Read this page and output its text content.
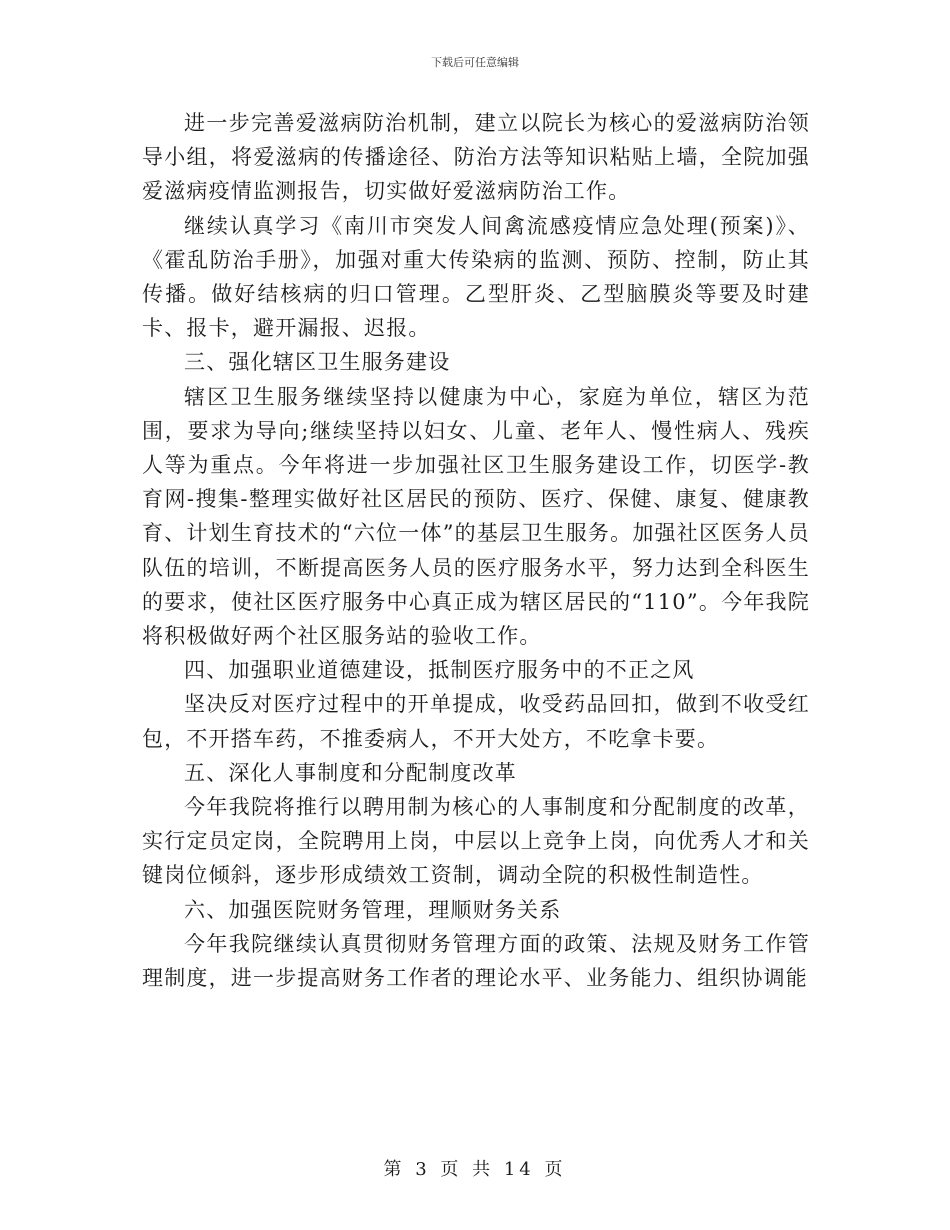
下载后可任意编辑

进一步完善爱滋病防治机制，建立以院长为核心的爱滋病防治领导小组，将爱滋病的传播途径、防治方法等知识粘贴上墙，全院加强爱滋病疫情监测报告，切实做好爱滋病防治工作。

继续认真学习《南川市突发人间禽流感疫情应急处理(预案)》、《霍乱防治手册》，加强对重大传染病的监测、预防、控制，防止其传播。做好结核病的归口管理。乙型肝炎、乙型脑膜炎等要及时建卡、报卡，避开漏报、迟报。

三、强化辖区卫生服务建设

辖区卫生服务继续坚持以健康为中心，家庭为单位，辖区为范围，要求为导向;继续坚持以妇女、儿童、老年人、慢性病人、残疾人等为重点。今年将进一步加强社区卫生服务建设工作，切医学-教育网-搜集-整理实做好社区居民的预防、医疗、保健、康复、健康教育、计划生育技术的“六位一体”的基层卫生服务。加强社区医务人员队伍的培训，不断提高医务人员的医疗服务水平，努力达到全科医生的要求，使社区医疗服务中心真正成为辖区居民的“110”。今年我院将积极做好两个社区服务站的验收工作。

四、加强职业道德建设，抵制医疗服务中的不正之风

坚决反对医疗过程中的开单提成，收受药品回扣，做到不收受红包，不开搭车药，不推委病人，不开大处方，不吃拿卡要。

五、深化人事制度和分配制度改革

今年我院将推行以聘用制为核心的人事制度和分配制度的改革，实行定员定岗，全院聘用上岗，中层以上竞争上岗，向优秀人才和关键岗位倾斜，逐步形成绩效工资制，调动全院的积极性制造性。

六、加强医院财务管理，理顺财务关系

今年我院继续认真贯彻财务管理方面的政策、法规及财务工作管理制度，进一步提高财务工作者的理论水平、业务能力、组织协调能

第 3 页 共 14 页
